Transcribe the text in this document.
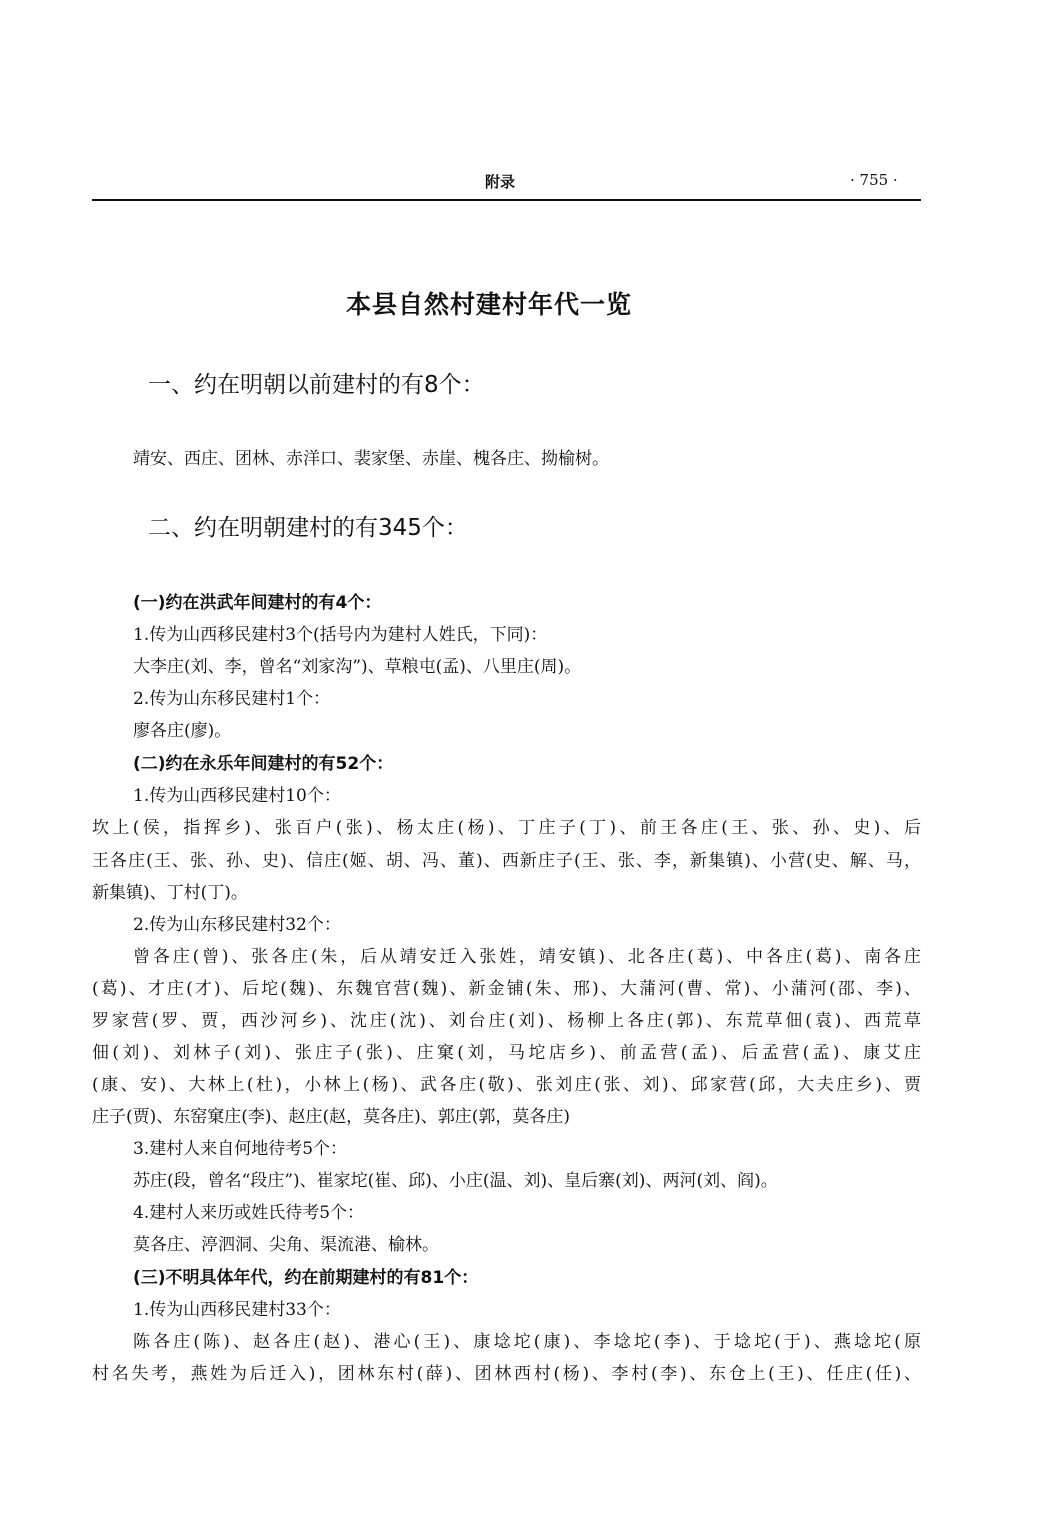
附录	· 755 ·
本县自然村建村年代一览
一、约在明朝以前建村的有8个：
靖安、西庄、团林、赤洋口、裴家堡、赤崖、槐各庄、拗榆树。
二、约在明朝建村的有345个：
(一)约在洪武年间建村的有4个：
1.传为山西移民建村3个(括号内为建村人姓氏，下同)：
大李庄(刘、李，曾名“刘家沟”)、草粮屯(孟)、八里庄(周)。
2.传为山东移民建村1个：
廖各庄(廖)。
(二)约在永乐年间建村的有52个：
1.传为山西移民建村10个：
坎上(侯，指挥乡)、张百户(张)、杨太庄(杨)、丁庄子(丁)、前王各庄(王、张、孙、史)、后
王各庄(王、张、孙、史)、信庄(姬、胡、冯、董)、西新庄子(王、张、李，新集镇)、小营(史、解、马，
新集镇)、丁村(丁)。
2.传为山东移民建村32个：
曾各庄(曾)、张各庄(朱，后从靖安迁入张姓，靖安镇)、北各庄(葛)、中各庄(葛)、南各庄
(葛)、才庄(才)、后坨(魏)、东魏官营(魏)、新金铺(朱、邢)、大蒲河(曹、常)、小蒲河(邵、李)、
罗家营(罗、贾，西沙河乡)、沈庄(沈)、刘台庄(刘)、杨柳上各庄(郭)、东荒草佃(袁)、西荒草
佃(刘)、刘林子(刘)、张庄子(张)、庄窠(刘，马坨店乡)、前孟营(孟)、后孟营(孟)、康艾庄
(康、安)、大林上(杜)，小林上(杨)、武各庄(敬)、张刘庄(张、刘)、邱家营(邱，大夫庄乡)、贾
庄子(贾)、东窑窠庄(李)、赵庄(赵，莫各庄)、郭庄(郭，莫各庄)
3.建村人来自何地待考5个：
苏庄(段，曾名“段庄”)、崔家坨(崔、邱)、小庄(温、刘)、皇后寨(刘)、两河(刘、阎)。
4.建村人来历或姓氏待考5个：
莫各庄、渟泗洞、尖角、渠流港、榆林。
(三)不明具体年代，约在前期建村的有81个：
1.传为山西移民建村33个：
陈各庄(陈)、赵各庄(赵)、港心(王)、康埝坨(康)、李埝坨(李)、于埝坨(于)、燕埝坨(原
村名失考，燕姓为后迁入)，团林东村(薛)、团林西村(杨)、李村(李)、东仓上(王)、任庄(任)、
